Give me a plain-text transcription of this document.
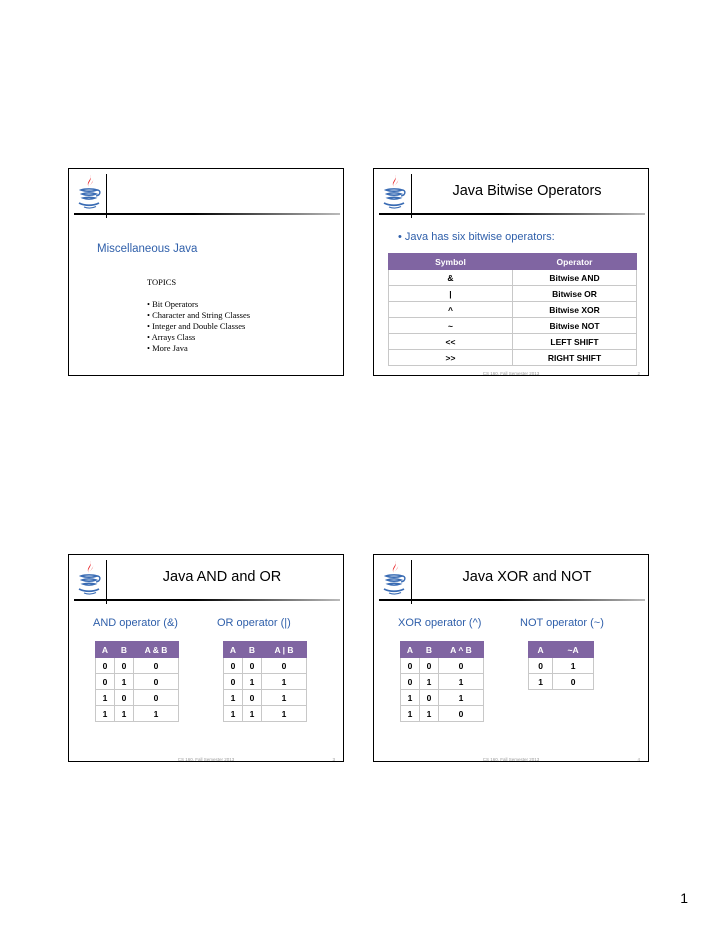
Miscellaneous Java
TOPICS
• Bit Operators
• Character and String Classes
• Integer and Double Classes
• Arrays Class
• More Java
Java Bitwise Operators
• Java has six bitwise operators:
Symbol	Operator
&	Bitwise AND
|	Bitwise OR
^	Bitwise XOR
~	Bitwise NOT
<<	LEFT SHIFT
>>	RIGHT SHIFT
CS 160, Fall Semester 2013	2
Java AND and OR
AND operator (&)	OR operator (|)
A	B	A & B
0	0	0
0	1	0
1	0	0
1	1	1
A	B	A | B
0	0	0
0	1	1
1	0	1
1	1	1
CS 160, Fall Semester 2013	3
Java XOR and NOT
XOR operator (^)	NOT operator (~)
A	B	A ^ B
0	0	0
0	1	1
1	0	1
1	1	0
A	~A
0	1
1	0
CS 160, Fall Semester 2013	4
1
